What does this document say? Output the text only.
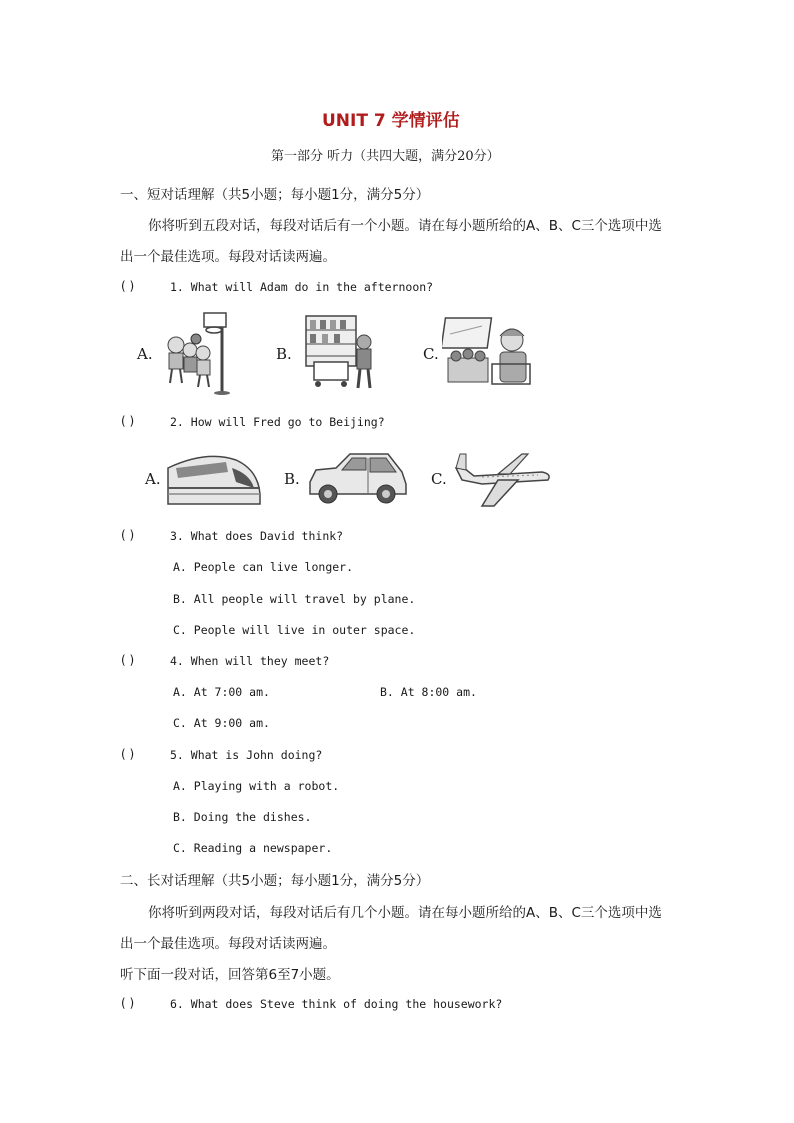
UNIT 7 学情评估
第一部分 听力（共四大题，满分20分）
一、短对话理解（共5小题；每小题1分，满分5分）
你将听到五段对话，每段对话后有一个小题。请在每小题所给的A、B、C三个选项中选
出一个最佳选项。每段对话读两遍。
( )	1. What will Adam do in the afternoon?
A.	B.	C.
( )	2. How will Fred go to Beijing?
A.	B.	C.
( )	3. What does David think?
A. People can live longer.
B. All people will travel by plane.
C. People will live in outer space.
( )	4. When will they meet?
A. At 7:00 am.	B. At 8:00 am.
C. At 9:00 am.
( )	5. What is John doing?
A. Playing with a robot.
B. Doing the dishes.
C. Reading a newspaper.
二、长对话理解（共5小题；每小题1分，满分5分）
你将听到两段对话，每段对话后有几个小题。请在每小题所给的A、B、C三个选项中选
出一个最佳选项。每段对话读两遍。
听下面一段对话，回答第6至7小题。
( )	6. What does Steve think of doing the housework?
